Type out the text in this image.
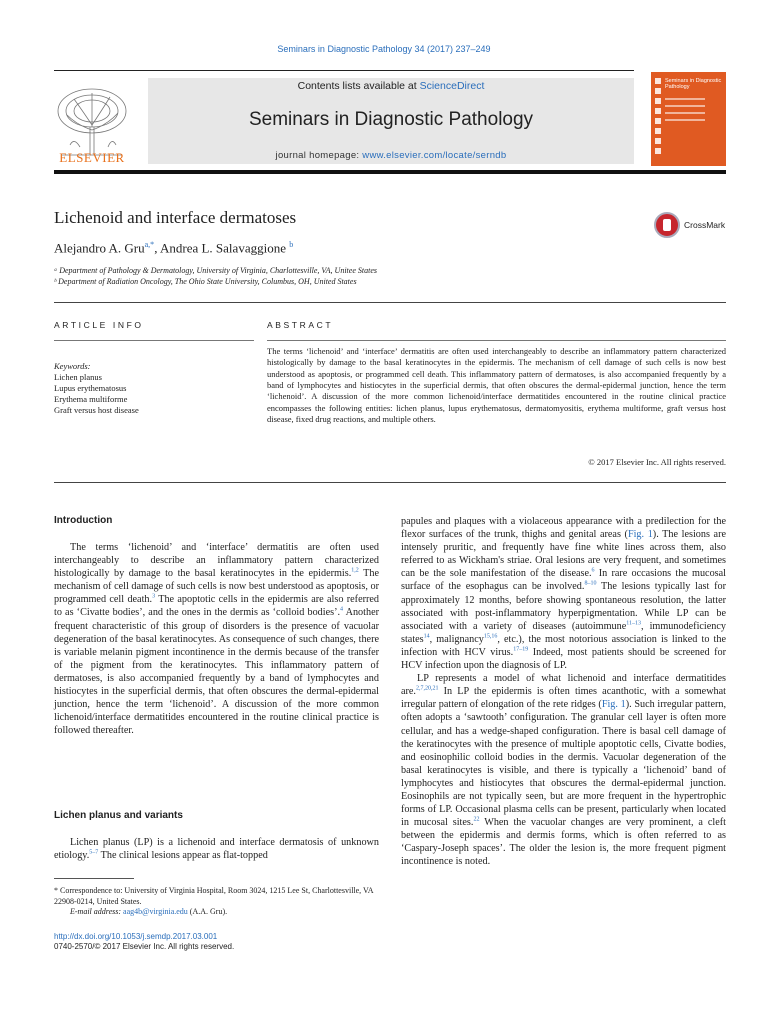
Seminars in Diagnostic Pathology 34 (2017) 237–249
Contents lists available at ScienceDirect
Seminars in Diagnostic Pathology
journal homepage: www.elsevier.com/locate/serndb
ELSEVIER
Seminars in Diagnostic Pathology
Lichenoid and interface dermatoses	CrossMark
Alejandro A. Gru$^{a,*}$, Andrea L. Salavaggione $^b$
ᵃ Department of Pathology & Dermatology, University of Virginia, Charlottesville, VA, Unitee States
ᵇ Department of Radiation Oncology, The Ohio State University, Columbus, OH, United States
ARTICLE INFO	ABSTRACT
Keywords:
Lichen planus
Lupus erythematosus
Erythema multiforme
Graft versus host disease
The terms ‘lichenoid’ and ‘interface’ dermatitis are often used interchangeably to describe an inflammatory pattern characterized histologically by damage to the basal keratinocytes in the epidermis. The mechanism of cell damage of such cells is now best understood as apoptosis, or programmed cell death. This inflammatory pattern of dermatoses, is also accompanied frequently by a band of lymphocytes and histiocytes in the superficial dermis, that often obscures the dermal-epidermal junction, hence the term ‘lichenoid’. A discussion of the more common lichenoid/interface dermatitides encountered in the routine clinical practice encompasses the following entities: lichen planus, lupus erythematosus, dermatomyositis, erythema multiforme, graft versus host disease, fixed drug reactions, and multiple others.
© 2017 Elsevier Inc. All rights reserved.
Introduction

The terms ‘lichenoid’ and ‘interface’ dermatitis are often used interchangeably to describe an inflammatory pattern characterized histologically by damage to the basal keratinocytes in the epidermis.$^{1,2}$ The mechanism of cell damage of such cells is now best understood as apoptosis, or programmed cell death.$^3$ The apoptotic cells in the epidermis are also referred to as ‘Civatte bodies’, and the ones in the dermis as ‘colloid bodies’.$^4$ Another frequent characteristic of this group of disorders is the presence of vacuolar degeneration of the basal keratinocytes. As consequence of such changes, there is variable melanin pigment incontinence in the dermis because of the transfer of the pigment from the keratinocytes. This inflammatory pattern of dermatoses, is also accompanied frequently by a band of lymphocytes and histiocytes in the superficial dermis, that often obscures the dermal-epidermal junction, hence the term ‘lichenoid’. A discussion of the more common lichenoid/interface dermatitides encountered in the routine clinical practice is followed thereafter.

Lichen planus and variants

Lichen planus (LP) is a lichenoid and interface dermatosis of unknown etiology.$^{5-7}$ The clinical lesions appear as flat-topped

papules and plaques with a violaceous appearance with a predilection for the flexor surfaces of the trunk, thighs and genital areas (Fig. 1). The lesions are intensely pruritic, and frequently have fine white lines across them, also referred to as Wickham's striae. Oral lesions are very frequent, and sometimes can be the sole manifestation of the disease.$^6$ In rare occasions the mucosal surface of the esophagus can be involved.$^{8-10}$ The lesions typically last for approximately 12 months, before showing spontaneous resolution, the latter associated with post-inflammatory hyperpigmentation. While LP can be associated with a variety of diseases (autoimmune$^{11-13}$, immunodeficiency states$^{14}$, malignancy$^{15,16}$, etc.), the most notorious association is linked to the infection with HCV virus.$^{17-19}$ Indeed, most patients should be screened for HCV infection upon the diagnosis of LP.

LP represents a model of what lichenoid and interface dermatitides are.$^{2,7,20,21}$ In LP the epidermis is often times acanthotic, with a somewhat irregular pattern of elongation of the rete ridges (Fig. 1). Such irregular pattern, often adopts a ‘sawtooth’ configuration. The granular cell layer is often more cellular, and has a wedge-shaped configuration. There is basal cell damage of the keratinocytes with the presence of multiple apoptotic cells, Civatte bodies, and eosinophilic colloid bodies in the dermis. Vacuolar degeneration of the basal keratinocytes is visible, and there is typically a ‘lichenoid’ band of lymphocytes and histiocytes that obscures the dermal-epidermal junction. Eosinophils are not typically seen, but are more frequent in the hypertrophic forms of LP. Occasional plasma cells can be present, particularly when located in mucosal sites.$^{22}$ When the vacuolar changes are very prominent, a cleft between the epidermis and dermis forms, which is often referred to as ‘Caspary-Joseph spaces’. The older the lesion is, the more frequent pigment incontinence is noted.

* Correspondence to: University of Virginia Hospital, Room 3024, 1215 Lee St, Charlottesville, VA 22908-0214, United States.
E-mail address: aag4b@virginia.edu (A.A. Gru).
http://dx.doi.org/10.1053/j.semdp.2017.03.001
0740-2570/© 2017 Elsevier Inc. All rights reserved.
